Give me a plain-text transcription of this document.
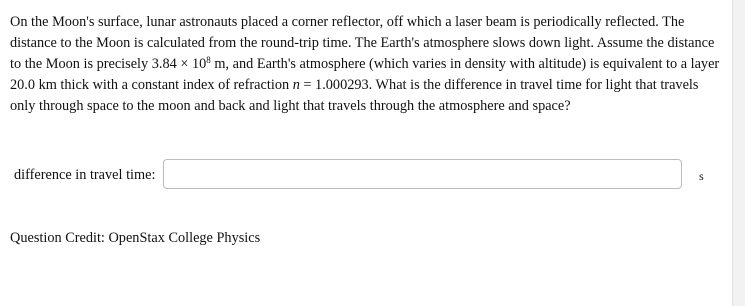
On the Moon's surface, lunar astronauts placed a corner reflector, off which a laser beam is periodically reflected. The distance to the Moon is calculated from the round-trip time. The Earth's atmosphere slows down light. Assume the distance to the Moon is precisely $3.84 \times 10^8$ m, and Earth's atmosphere (which varies in density with altitude) is equivalent to a layer 20.0 km thick with a constant index of refraction n = 1.000293. What is the difference in travel time for light that travels only through space to the moon and back and light that travels through the atmosphere and space?

difference in travel time:	s
Question Credit: OpenStax College Physics
